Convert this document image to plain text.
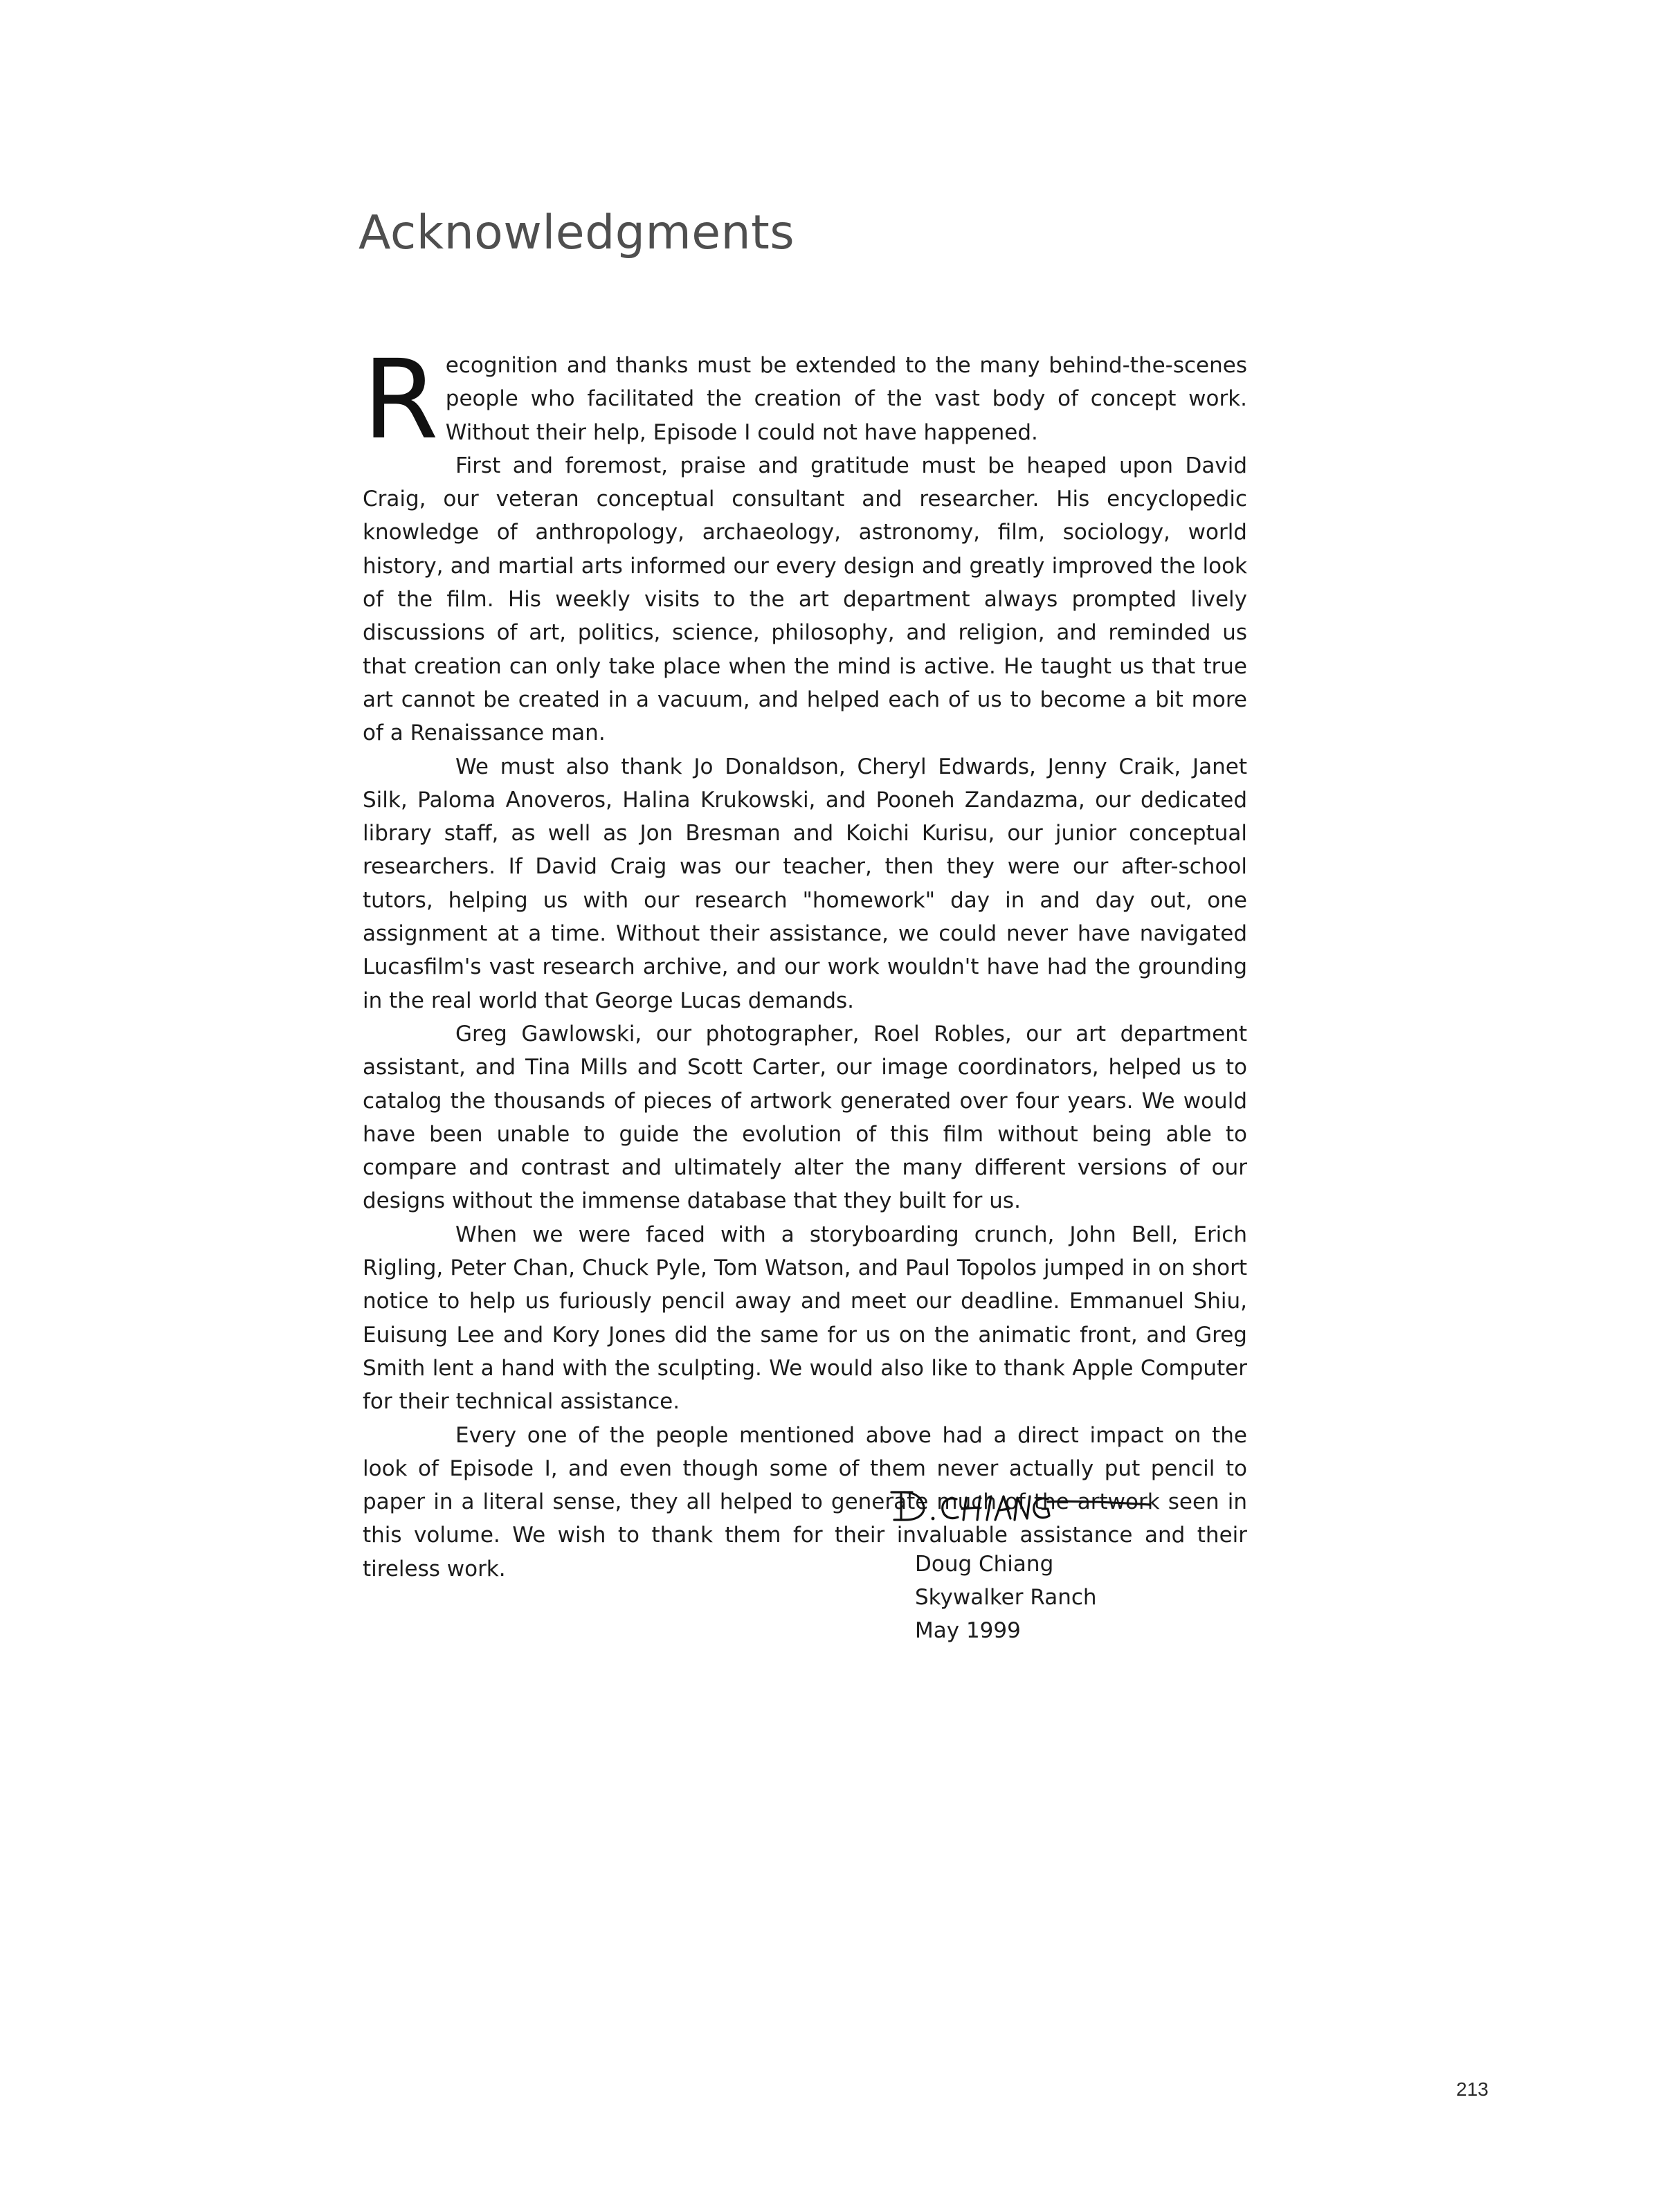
Acknowledgments

Recognition and thanks must be extended to the many behind-the-scenes people who facilitated the creation of the vast body of concept work. Without their help, Episode I could not have happened.

First and foremost, praise and gratitude must be heaped upon David Craig, our veteran conceptual consultant and researcher. His encyclopedic knowledge of anthropology, archaeology, astronomy, film, sociology, world history, and martial arts informed our every design and greatly improved the look of the film. His weekly visits to the art department always prompted lively discussions of art, politics, science, philosophy, and religion, and reminded us that creation can only take place when the mind is active. He taught us that true art cannot be created in a vacuum, and helped each of us to become a bit more of a Renaissance man.

We must also thank Jo Donaldson, Cheryl Edwards, Jenny Craik, Janet Silk, Paloma Anoveros, Halina Krukowski, and Pooneh Zandazma, our dedicated library staff, as well as Jon Bresman and Koichi Kurisu, our junior conceptual researchers. If David Craig was our teacher, then they were our after-school tutors, helping us with our research "homework" day in and day out, one assignment at a time. Without their assistance, we could never have navigated Lucasfilm's vast research archive, and our work wouldn't have had the grounding in the real world that George Lucas demands.

Greg Gawlowski, our photographer, Roel Robles, our art department assistant, and Tina Mills and Scott Carter, our image coordinators, helped us to catalog the thousands of pieces of artwork generated over four years. We would have been unable to guide the evolution of this film without being able to compare and contrast and ultimately alter the many different versions of our designs without the immense database that they built for us.

When we were faced with a storyboarding crunch, John Bell, Erich Rigling, Peter Chan, Chuck Pyle, Tom Watson, and Paul Topolos jumped in on short notice to help us furiously pencil away and meet our deadline. Emmanuel Shiu, Euisung Lee and Kory Jones did the same for us on the animatic front, and Greg Smith lent a hand with the sculpting. We would also like to thank Apple Computer for their technical assistance.

Every one of the people mentioned above had a direct impact on the look of Episode I, and even though some of them never actually put pencil to paper in a literal sense, they all helped to generate much of the artwork seen in this volume. We wish to thank them for their invaluable assistance and their tireless work.	Doug Chiang
Skywalker Ranch
May 1999
213
